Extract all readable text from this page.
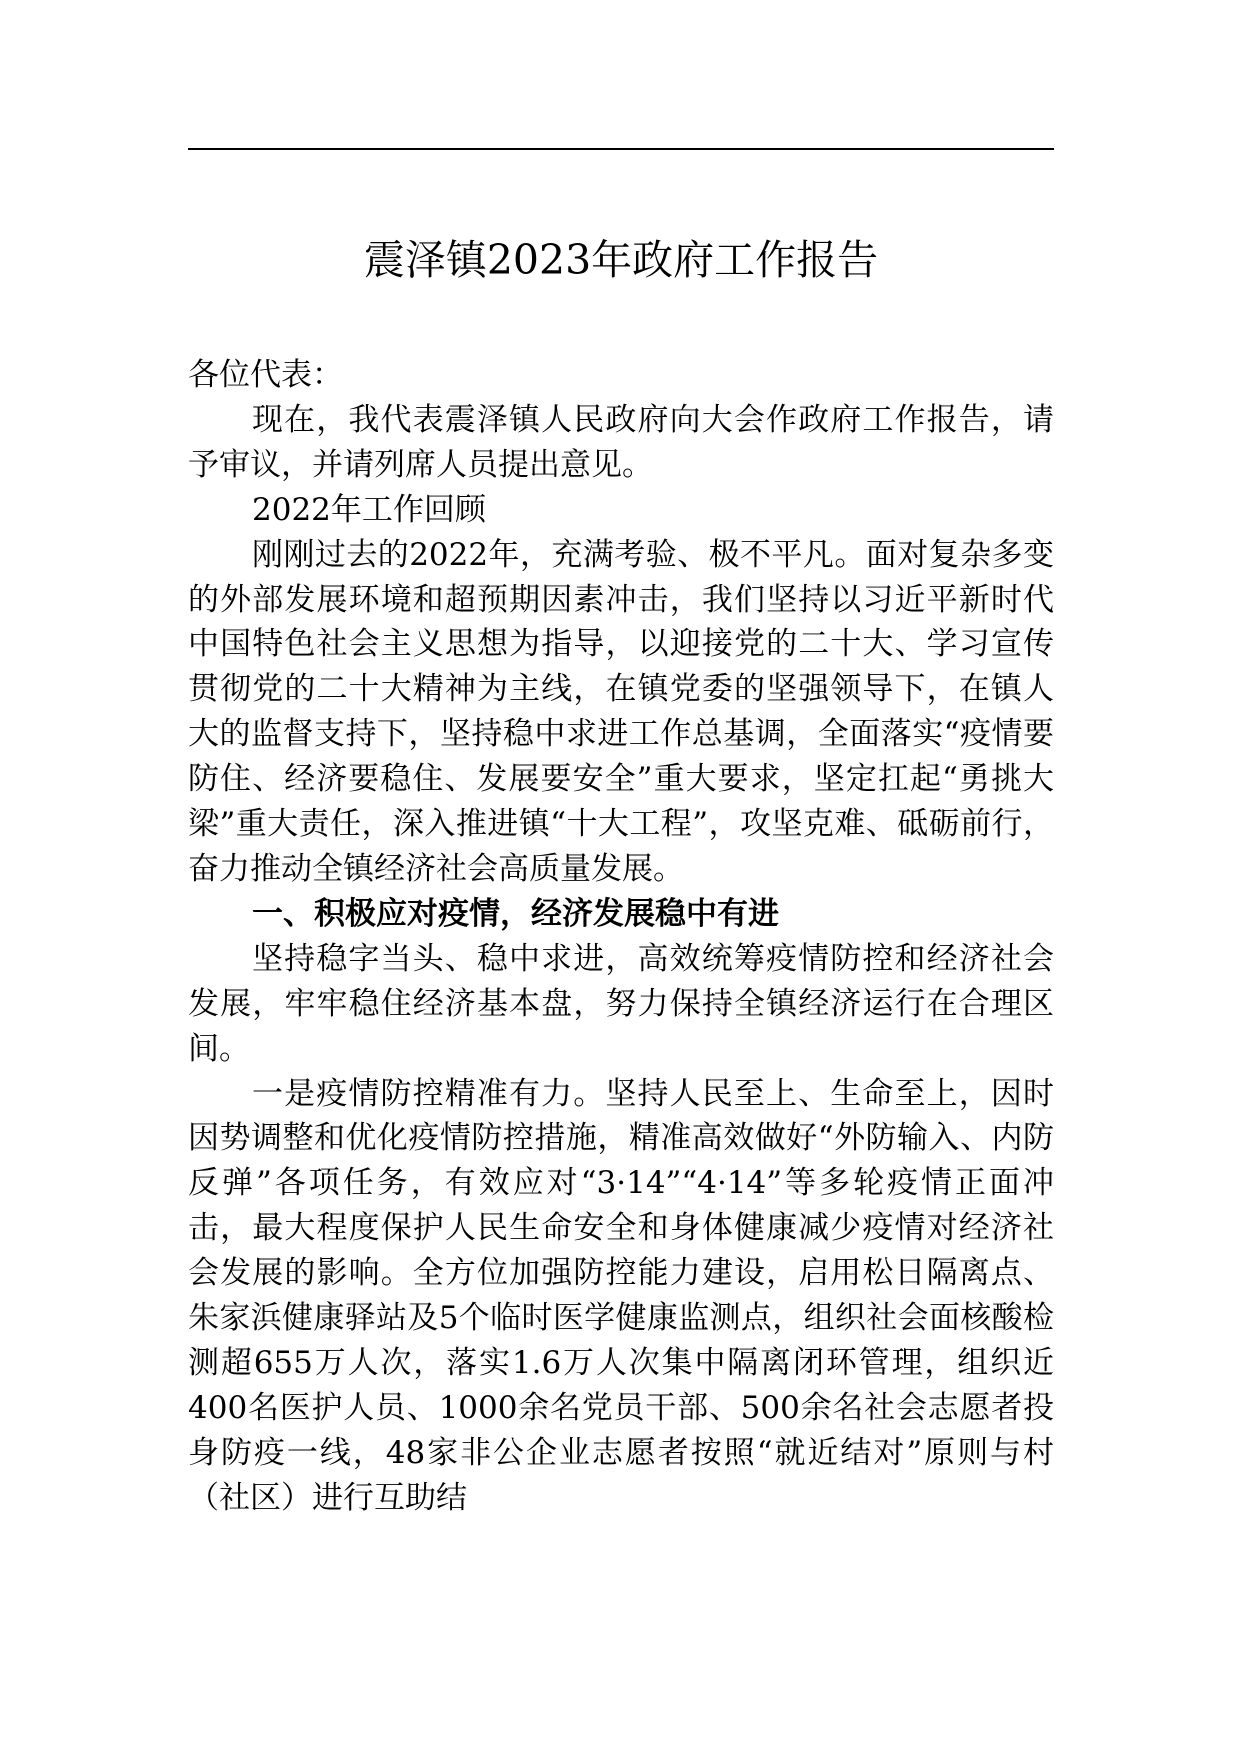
震泽镇2023年政府工作报告

各位代表：

现在，我代表震泽镇人民政府向大会作政府工作报告，请予审议，并请列席人员提出意见。

2022年工作回顾

刚刚过去的2022年，充满考验、极不平凡。面对复杂多变的外部发展环境和超预期因素冲击，我们坚持以习近平新时代中国特色社会主义思想为指导，以迎接党的二十大、学习宣传贯彻党的二十大精神为主线，在镇党委的坚强领导下，在镇人大的监督支持下，坚持稳中求进工作总基调，全面落实“疫情要防住、经济要稳住、发展要安全”重大要求，坚定扛起“勇挑大梁”重大责任，深入推进镇“十大工程”，攻坚克难、砥砺前行，奋力推动全镇经济社会高质量发展。

一、积极应对疫情，经济发展稳中有进

坚持稳字当头、稳中求进，高效统筹疫情防控和经济社会发展，牢牢稳住经济基本盘，努力保持全镇经济运行在合理区间。

一是疫情防控精准有力。坚持人民至上、生命至上，因时因势调整和优化疫情防控措施，精准高效做好“外防输入、内防反弹”各项任务，有效应对“3·14”“4·14”等多轮疫情正面冲击，最大程度保护人民生命安全和身体健康减少疫情对经济社会发展的影响。全方位加强防控能力建设，启用松日隔离点、朱家浜健康驿站及5个临时医学健康监测点，组织社会面核酸检测超655万人次，落实1.6万人次集中隔离闭环管理，组织近400名医护人员、1000余名党员干部、500余名社会志愿者投身防疫一线，48家非公企业志愿者按照“就近结对”原则与村（社区）进行互助结
